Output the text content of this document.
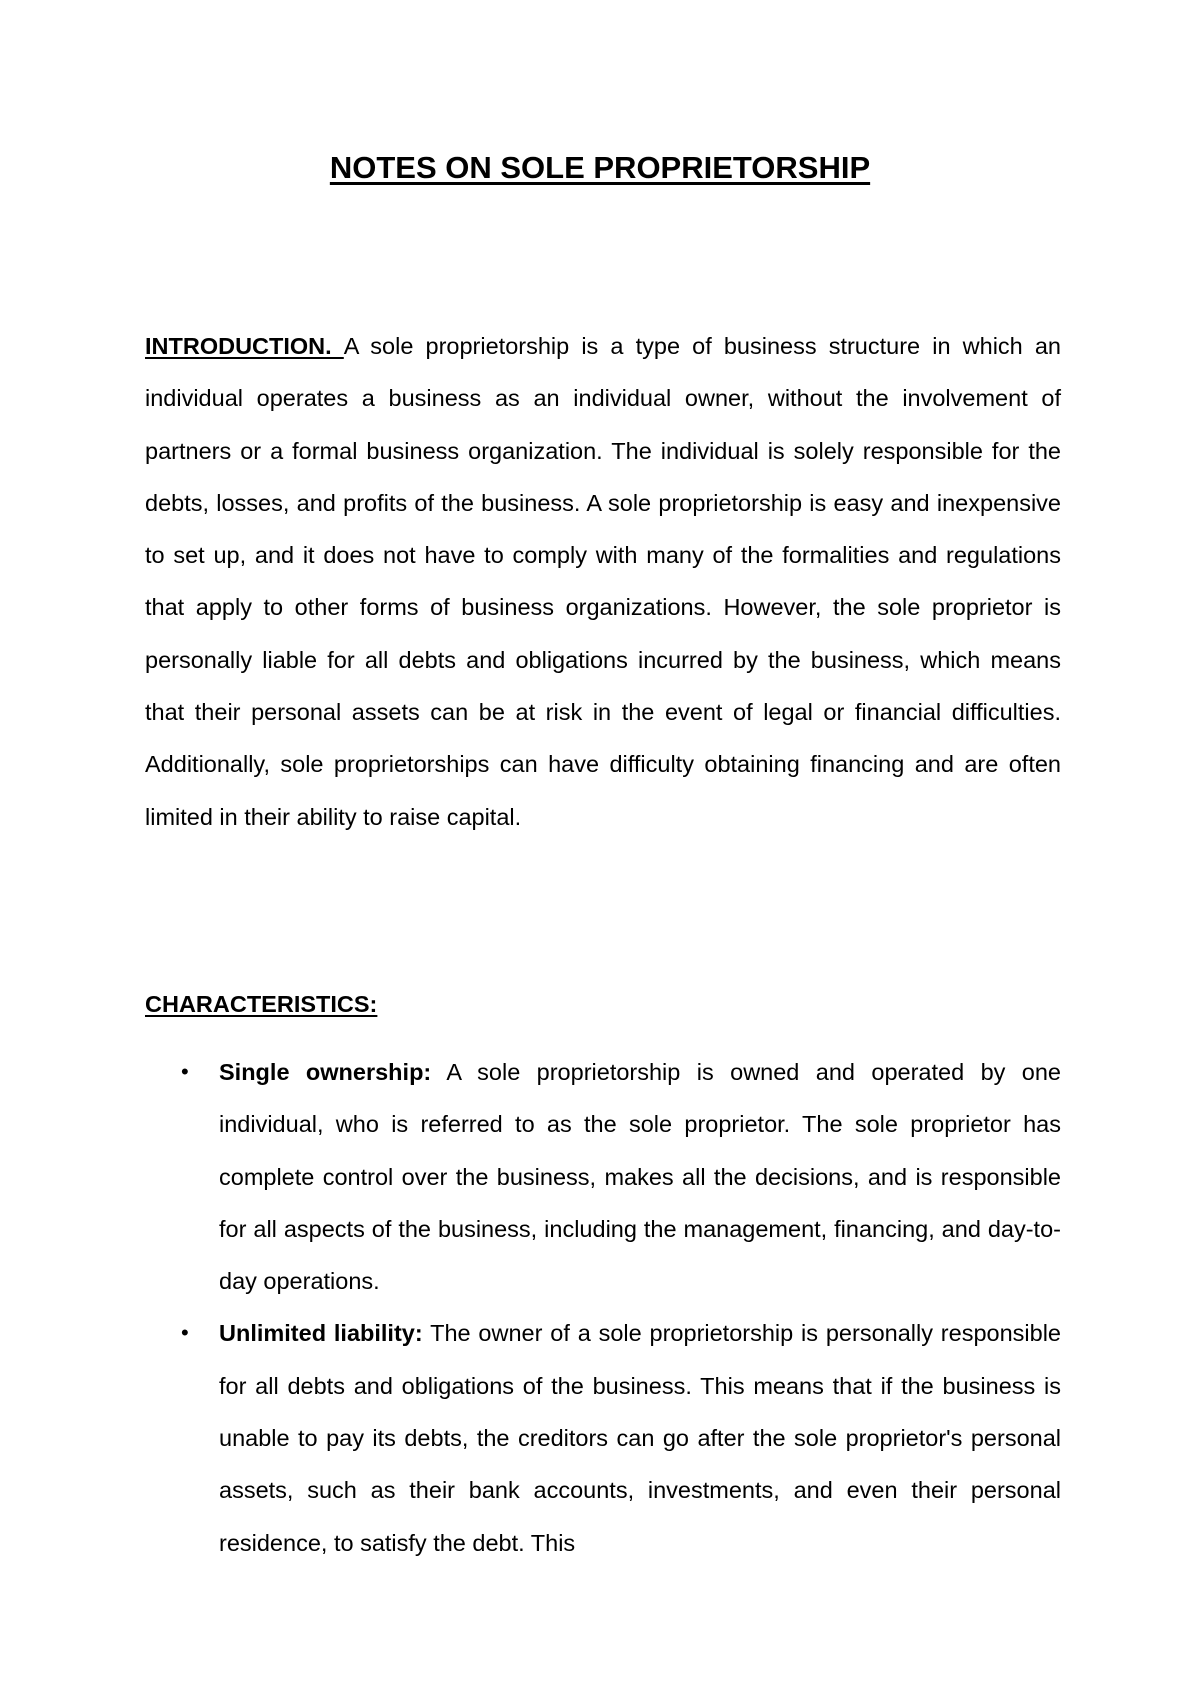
NOTES ON SOLE PROPRIETORSHIP

INTRODUCTION. A sole proprietorship is a type of business structure in which an individual operates a business as an individual owner, without the involvement of partners or a formal business organization. The individual is solely responsible for the debts, losses, and profits of the business. A sole proprietorship is easy and inexpensive to set up, and it does not have to comply with many of the formalities and regulations that apply to other forms of business organizations. However, the sole proprietor is personally liable for all debts and obligations incurred by the business, which means that their personal assets can be at risk in the event of legal or financial difficulties. Additionally, sole proprietorships can have difficulty obtaining financing and are often limited in their ability to raise capital.

CHARACTERISTICS:
• Single ownership: A sole proprietorship is owned and operated by one individual, who is referred to as the sole proprietor. The sole proprietor has complete control over the business, makes all the decisions, and is responsible for all aspects of the business, including the management, financing, and day-to-day operations.
• Unlimited liability: The owner of a sole proprietorship is personally responsible for all debts and obligations of the business. This means that if the business is unable to pay its debts, the creditors can go after the sole proprietor's personal assets, such as their bank accounts, investments, and even their personal residence, to satisfy the debt. This
